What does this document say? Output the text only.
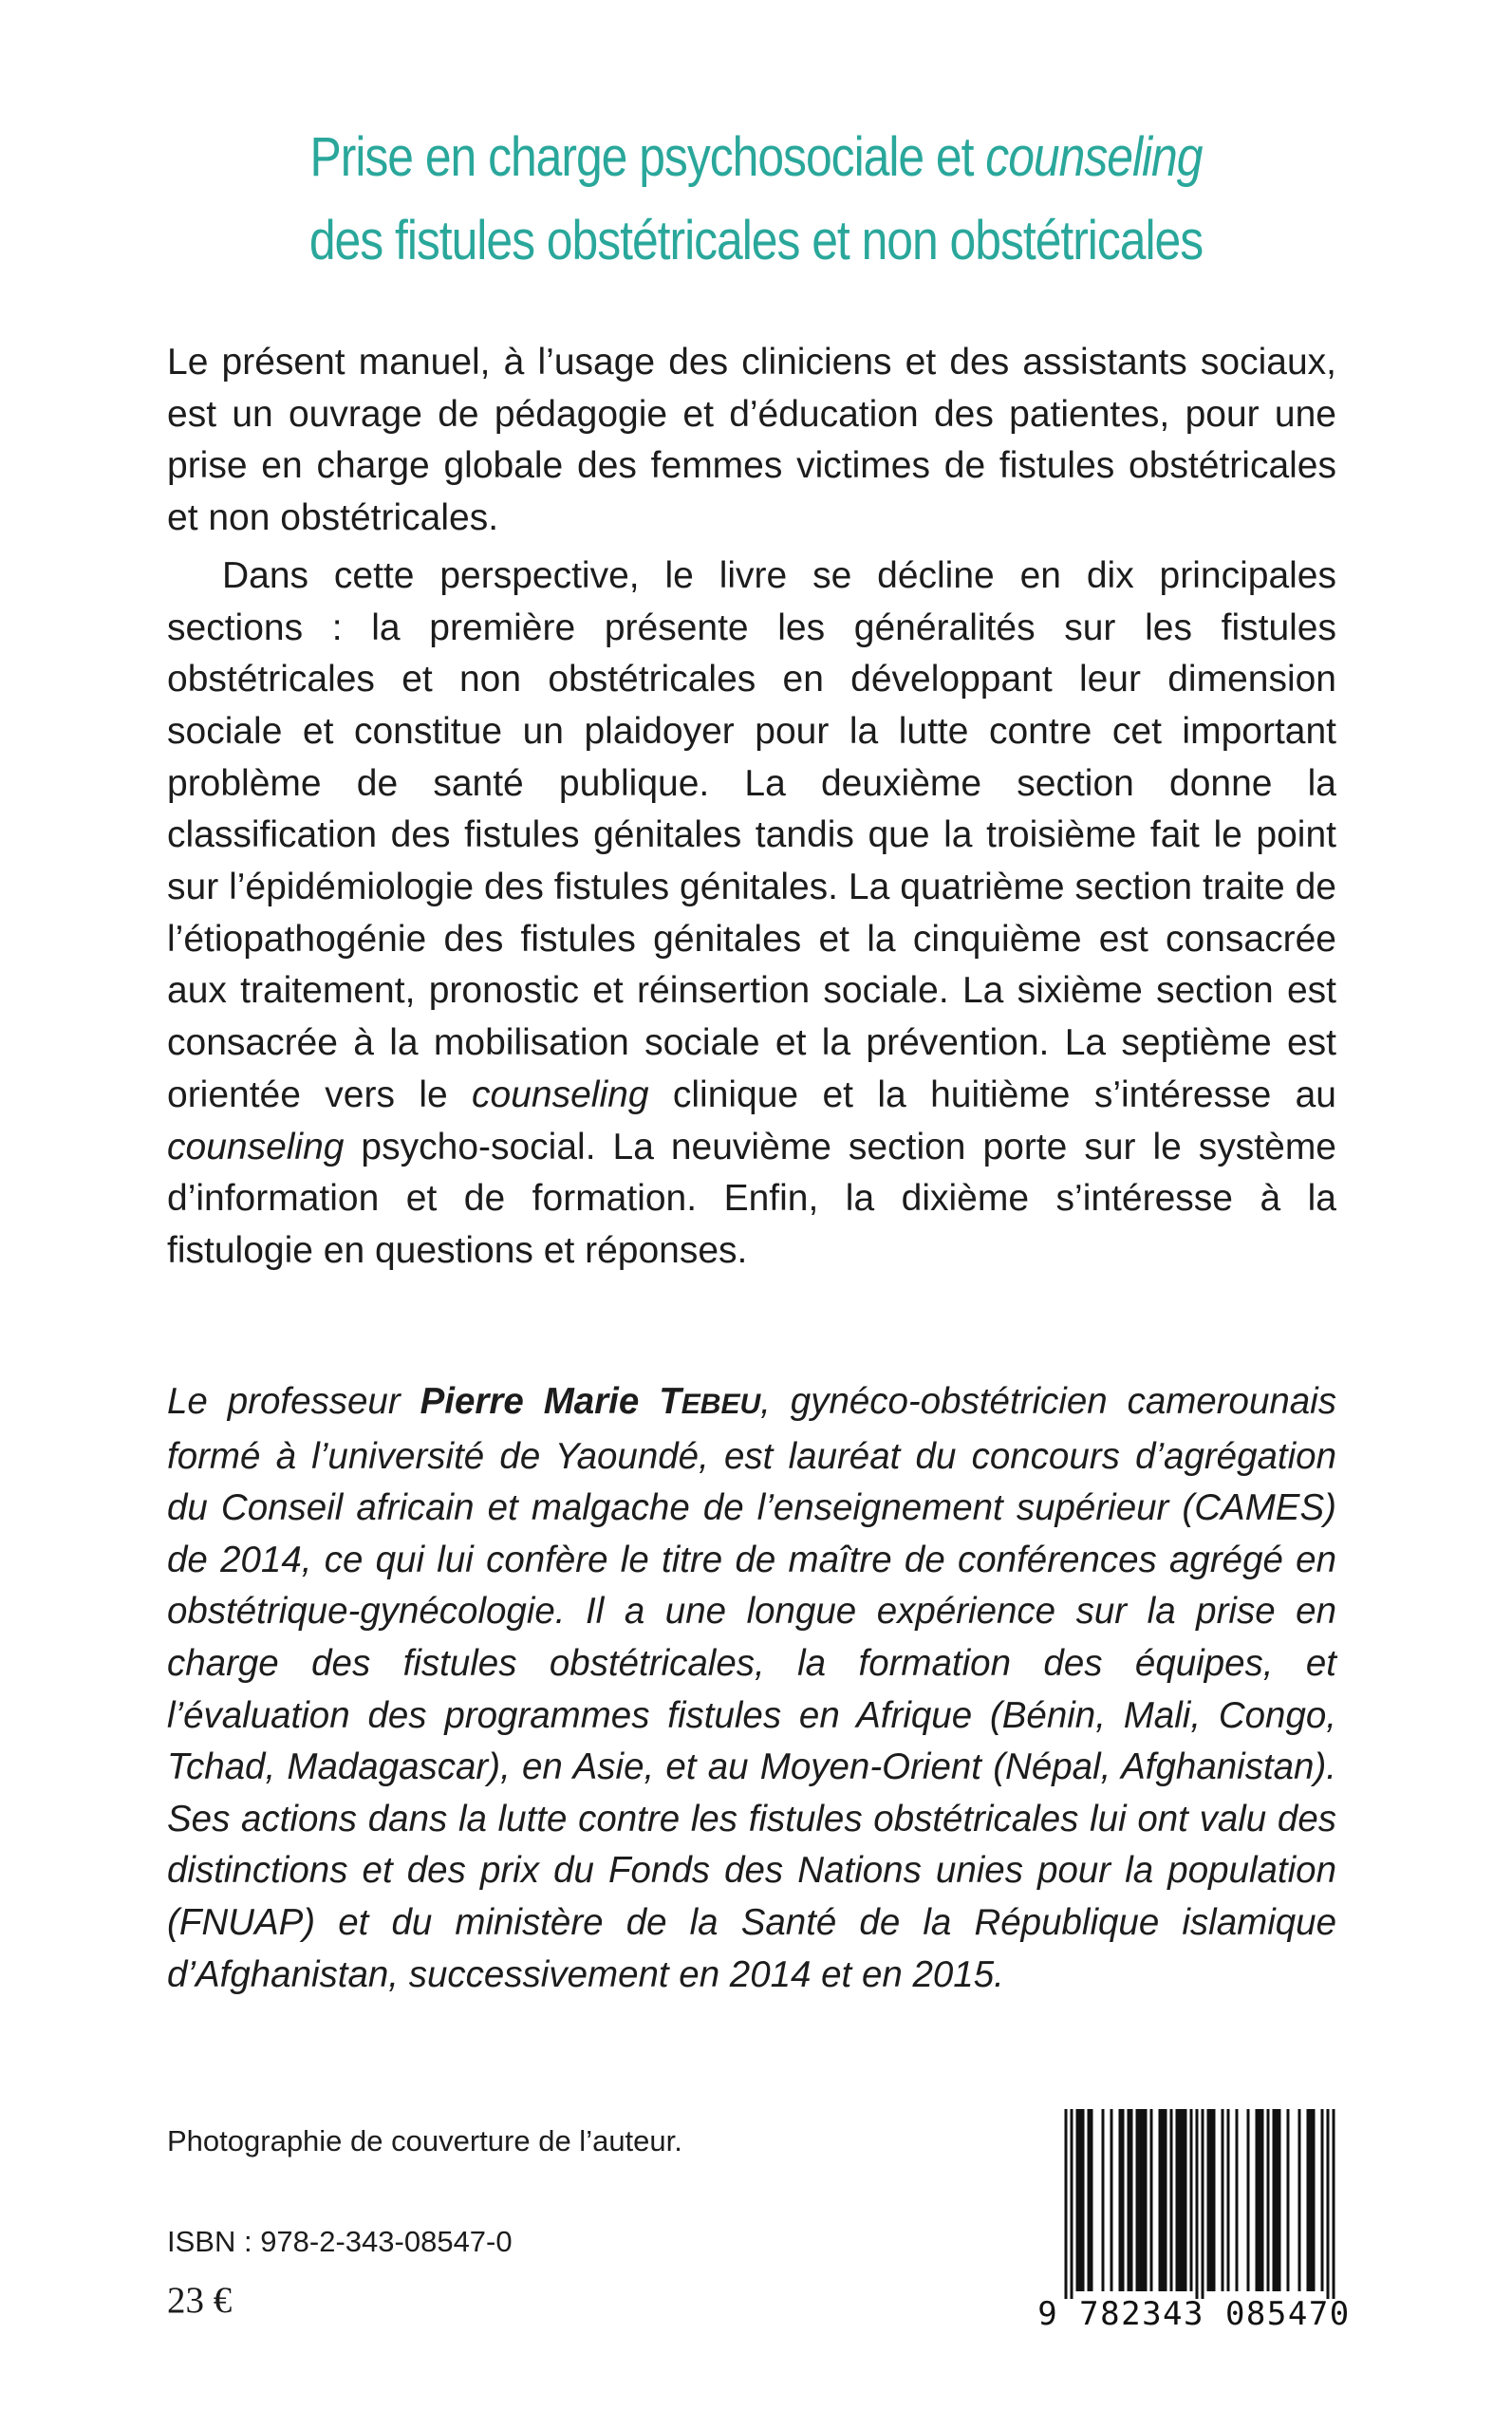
Prise en charge psychosociale et counseling
des fistules obstétricales et non obstétricales

Le présent manuel, à l’usage des cliniciens et des assistants sociaux, est un ouvrage de pédagogie et d’éducation des patientes, pour une prise en charge globale des femmes victimes de fistules obstétricales et non obstétricales.

Dans cette perspective, le livre se décline en dix principales sections : la première présente les généralités sur les fistules obstétricales et non obstétricales en développant leur dimension sociale et constitue un plaidoyer pour la lutte contre cet important problème de santé publique. La deuxième section donne la classification des fistules génitales tandis que la troisième fait le point sur l’épidémiologie des fistules génitales. La quatrième section traite de l’étiopathogénie des fistules génitales et la cinquième est consacrée aux traitement, pronostic et réinsertion sociale. La sixième section est consacrée à la mobilisation sociale et la prévention. La septième est orientée vers le counseling clinique et la huitième s’intéresse au counseling psycho-social. La neuvième section porte sur le système d’information et de formation. Enfin, la dixième s’intéresse à la fistulogie en questions et réponses.

Le professeur Pierre Marie TEBEU, gynéco-obstétricien camerounais formé à l’université de Yaoundé, est lauréat du concours d’agrégation du Conseil africain et malgache de l’enseignement supérieur (CAMES) de 2014, ce qui lui confère le titre de maître de conférences agrégé en obstétrique-gynécologie. Il a une longue expérience sur la prise en charge des fistules obstétricales, la formation des équipes, et l’évaluation des programmes fistules en Afrique (Bénin, Mali, Congo, Tchad, Madagascar), en Asie, et au Moyen-Orient (Népal, Afghanistan). Ses actions dans la lutte contre les fistules obstétricales lui ont valu des distinctions et des prix du Fonds des Nations unies pour la population (FNUAP) et du ministère de la Santé de la République islamique d’Afghanistan, successivement en 2014 et en 2015.

Photographie de couverture de l’auteur.
ISBN : 978-2-343-08547-0
23 €	9 782343 085470
